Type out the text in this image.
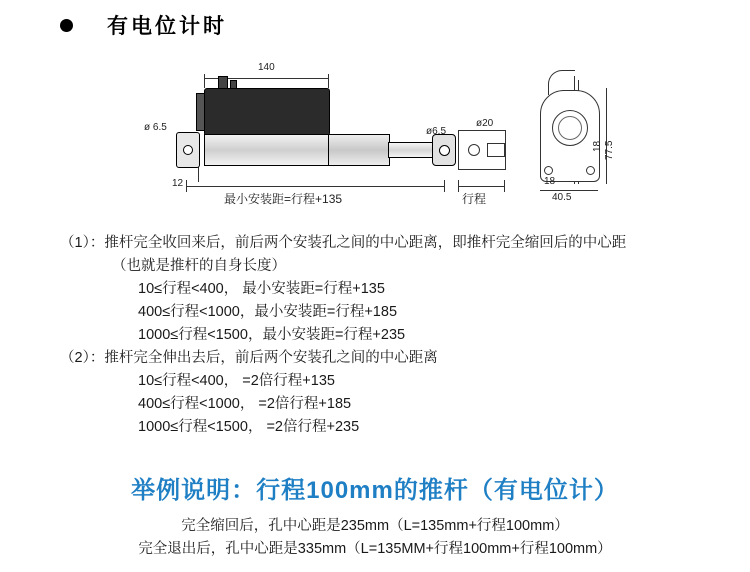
有电位计时
140
ø 6.5
12
最小安装距=行程+135
ø6.5
ø20
行程
77.5
18
18
40.5
（1）：推杆完全收回来后，前后两个安装孔之间的中心距离，即推杆完全缩回后的中心距
（也就是推杆的自身长度）
10≤行程<400， 最小安装距=行程+135
400≤行程<1000，最小安装距=行程+185
1000≤行程<1500，最小安装距=行程+235
（2）：推杆完全伸出去后，前后两个安装孔之间的中心距离
10≤行程<400， =2倍行程+135
400≤行程<1000， =2倍行程+185
1000≤行程<1500， =2倍行程+235
举例说明：行程100mm的推杆（有电位计）
完全缩回后，孔中心距是235mm（L=135mm+行程100mm）
完全退出后，孔中心距是335mm（L=135MM+行程100mm+行程100mm）
